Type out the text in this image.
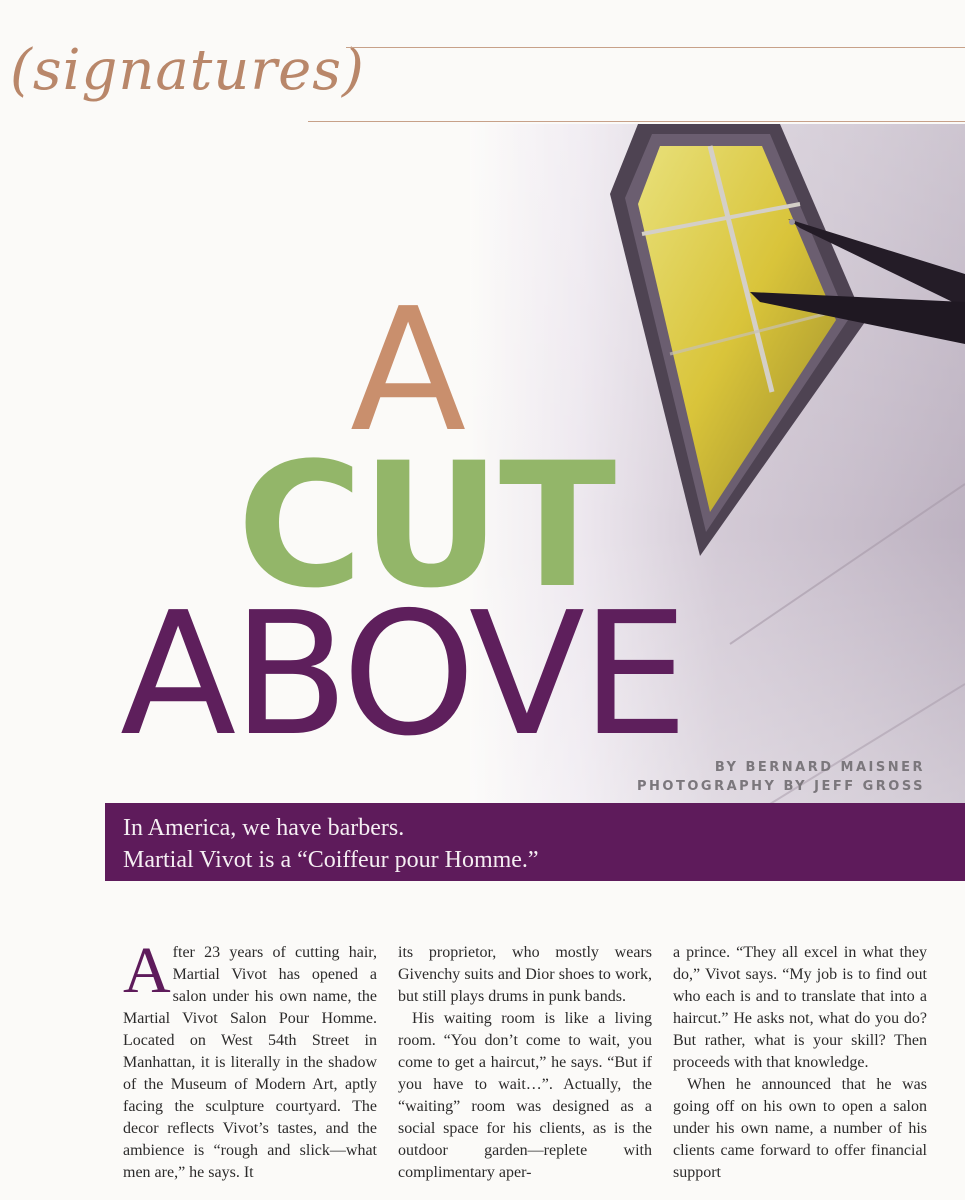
(signatures)
A
CUT
ABOVE	BY BERNARD MAISNER
PHOTOGRAPHY BY JEFF GROSS
In America, we have barbers.
Martial Vivot is a “Coiffeur pour Homme.”

After 23 years of cutting hair, Martial Vivot has opened a salon under his own name, the Martial Vivot Salon Pour Homme. Located on West 54th Street in Manhattan, it is literally in the shadow of the Museum of Modern Art, aptly facing the sculpture courtyard. The decor reflects Vivot’s tastes, and the ambience is “rough and slick—what men are,” he says. It

its proprietor, who mostly wears Givenchy suits and Dior shoes to work, but still plays drums in punk bands.

His waiting room is like a living room. “You don’t come to wait, you come to get a haircut,” he says. “But if you have to wait…”. Actually, the “waiting” room was designed as a social space for his clients, as is the outdoor garden—replete with complimentary aper-

a prince. “They all excel in what they do,” Vivot says. “My job is to find out who each is and to translate that into a haircut.” He asks not, what do you do? But rather, what is your skill? Then proceeds with that knowledge.

When he announced that he was going off on his own to open a salon under his own name, a number of his clients came forward to offer financial support
